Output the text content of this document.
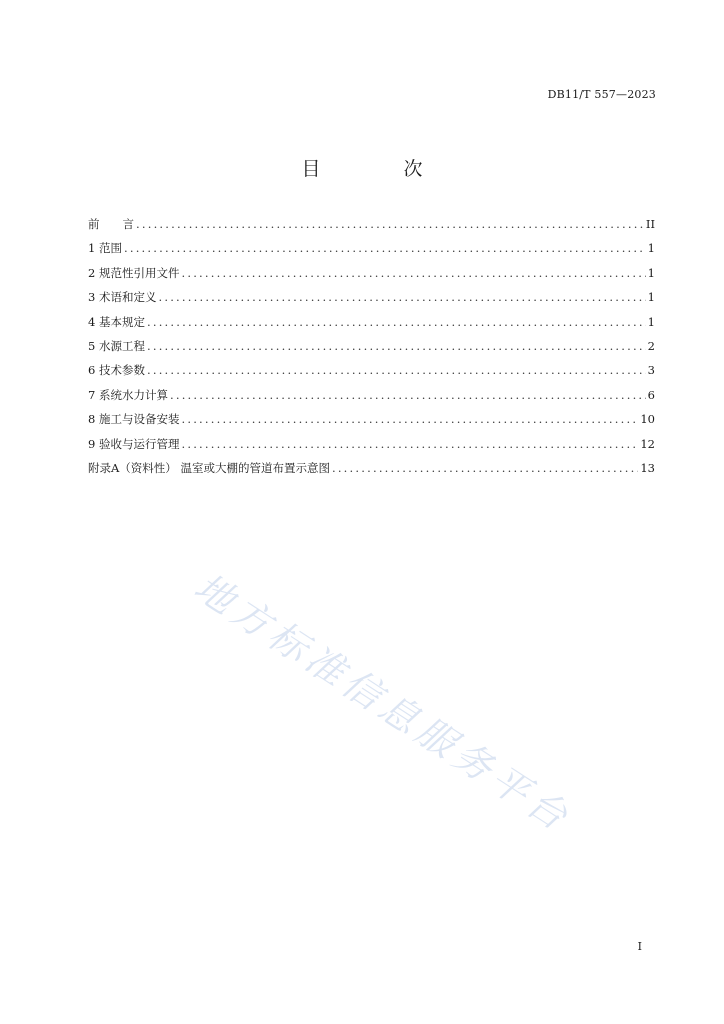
DB11/T 557—2023
目　次
前　　言 .....	II
1 范围 .....	1
2 规范性引用文件 .....	1
3 术语和定义 .....	1
4 基本规定 .....	1
5 水源工程 .....	2
6 技术参数 .....	3
7 系统水力计算 .....	6
8 施工与设备安装 .....	10
9 验收与运行管理 .....	12
附录A（资料性） 温室或大棚的管道布置示意图 .....	13
地方标准信息服务平台
I
